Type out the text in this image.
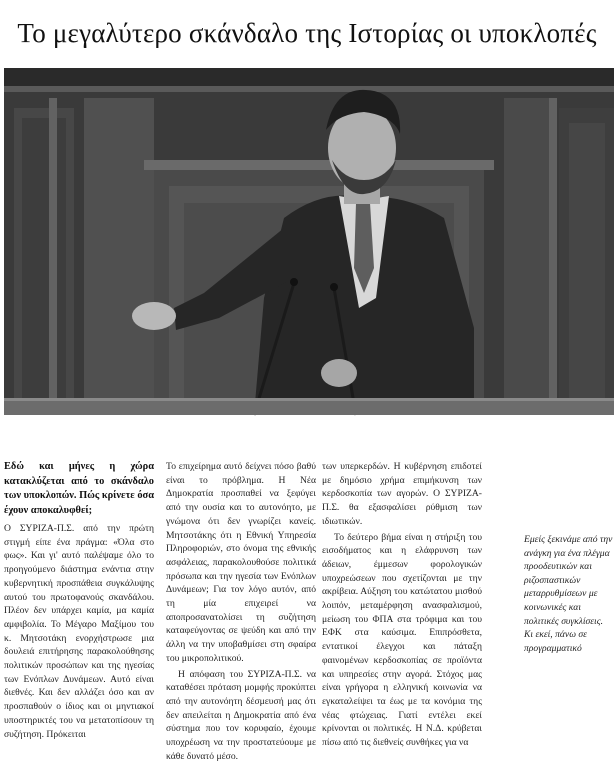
Το μεγαλύτερο σκάνδαλο της Ιστορίας οι υποκλοπές

Εδώ και μήνες η χώρα κατακλύζεται από το σκάνδαλο των υποκλοπών. Πώς κρίνετε όσα έχουν αποκαλυφθεί;

Ο ΣΥΡΙΖΑ-Π.Σ. από την πρώτη στιγμή είπε ένα πράγμα: «Όλα στο φως». Και γι' αυτό παλέψαμε όλο το προηγούμενο διάστημα ενάντια στην κυβερνητική προσπάθεια συγκάλυψης αυτού του πρωτοφανούς σκανδάλου. Πλέον δεν υπάρχει καμία, μα καμία αμφιβολία. Το Μέγαρο Μαξίμου του κ. Μητσοτάκη ενορχήστρωσε μια δουλειά επιτήρησης παρακολούθησης πολιτικών προσώπων και της ηγεσίας των Ενόπλων Δυνάμεων. Αυτό είναι διεθνές. Και δεν αλλάζει όσο και αν προσπαθούν ο ίδιος και οι μηντιακοί υποστηρικτές του να μετατοπίσουν τη συζήτηση. Πρόκειται

Το επιχείρημα αυτό δείχνει πόσο βαθύ είναι το πρόβλημα. Η Νέα Δημοκρατία προσπαθεί να ξεφύγει από την ουσία και το αυτονόητο, με γνώμονα ότι δεν γνωρίζει κανείς. Μητσοτάκης ότι η Εθνική Υπηρεσία Πληροφοριών, στο όνομα της εθνικής ασφάλειας, παρακολουθούσε πολιτικά πρόσωπα και την ηγεσία των Ενόπλων Δυνάμεων; Για τον λόγο αυτόν, από τη μία επιχειρεί να αποπροσανατολίσει τη συζήτηση καταφεύγοντας σε ψεύδη και από την άλλη να την υποβαθμίσει στη σφαίρα του μικροπολιτικού.

Η απόφαση του ΣΥΡΙΖΑ-Π.Σ. να καταθέσει πρόταση μομφής προκύπτει από την αυτονόητη δέσμευσή μας ότι δεν απειλείται η Δημοκρατία από ένα σύστημα που τον κορυφαίο, έχουμε υποχρέωση να την προστατεύουμε με κάθε δυνατό μέσο.

των υπερκερδών. Η κυβέρνηση επιδοτεί με δημόσιο χρήμα επιμήκυνση των κερδοσκοπία των αγορών. Ο ΣΥΡΙΖΑ-Π.Σ. θα εξασφαλίσει ρύθμιση των ιδιωτικών.

Το δεύτερο βήμα είναι η στήριξη του εισοδήματος και η ελάφρυνση των άδειων, έμμεσων φορολογικών υποχρεώσεων που σχετίζονται με την ακρίβεια. Αύξηση του κατώτατου μισθού λοιπόν, μεταμέρφηση ανασφαλισμού, μείωση του ΦΠΑ στα τρόφιμα και του ΕΦΚ στα καύσιμα. Επιπρόσθετα, εντατικοί έλεγχοι και πάταξη φαινομένων κερδοσκοπίας σε προϊόντα και υπηρεσίες στην αγορά. Στόχος μας είναι γρήγορα η ελληνική κοινωνία να εγκαταλείψει τα έως με τα κονόμια της νέας φτώχειας. Γιατί εντέλει εκεί κρίνονται οι πολιτικές. Η Ν.Δ. κρύβεται πίσω από τις διεθνείς συνθήκες για να

Εμείς ξεκινάμε από την ανάγκη για ένα πλέγμα προοδευτικών και ριζοσπαστικών μεταρρυθμίσεων με κοινωνικές και πολιτικές συγκλίσεις. Κι εκεί, πάνω σε προγραμματικό
